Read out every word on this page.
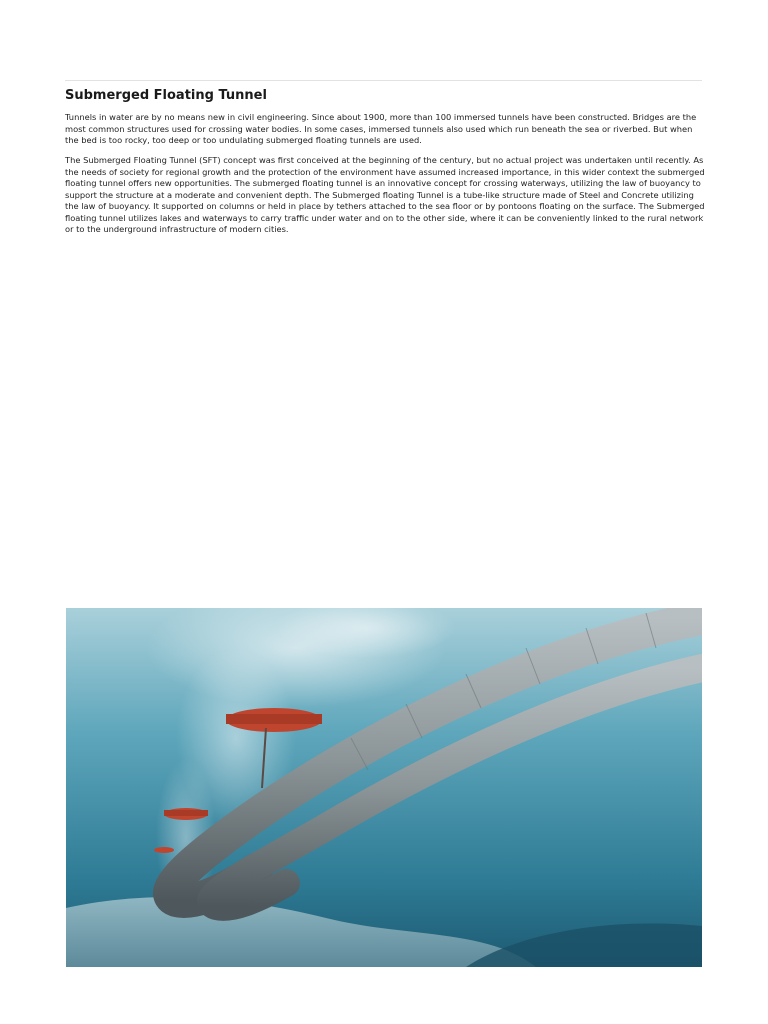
Submerged Floating Tunnel

Tunnels in water are by no means new in civil engineering. Since about 1900, more than 100 immersed tunnels have been constructed. Bridges are the most common structures used for crossing water bodies. In some cases, immersed tunnels also used which run beneath the sea or riverbed. But when the bed is too rocky, too deep or too undulating submerged floating tunnels are used.

The Submerged Floating Tunnel (SFT) concept was first conceived at the beginning of the century, but no actual project was undertaken until recently. As the needs of society for regional growth and the protection of the environment have assumed increased importance, in this wider context the submerged floating tunnel offers new opportunities. The submerged floating tunnel is an innovative concept for crossing waterways, utilizing the law of buoyancy to support the structure at a moderate and convenient depth. The Submerged floating Tunnel is a tube-like structure made of Steel and Concrete utilizing the law of buoyancy. It supported on columns or held in place by tethers attached to the sea floor or by pontoons floating on the surface. The Submerged floating tunnel utilizes lakes and waterways to carry traffic under water and on to the other side, where it can be conveniently linked to the rural network or to the underground infrastructure of modern cities.
